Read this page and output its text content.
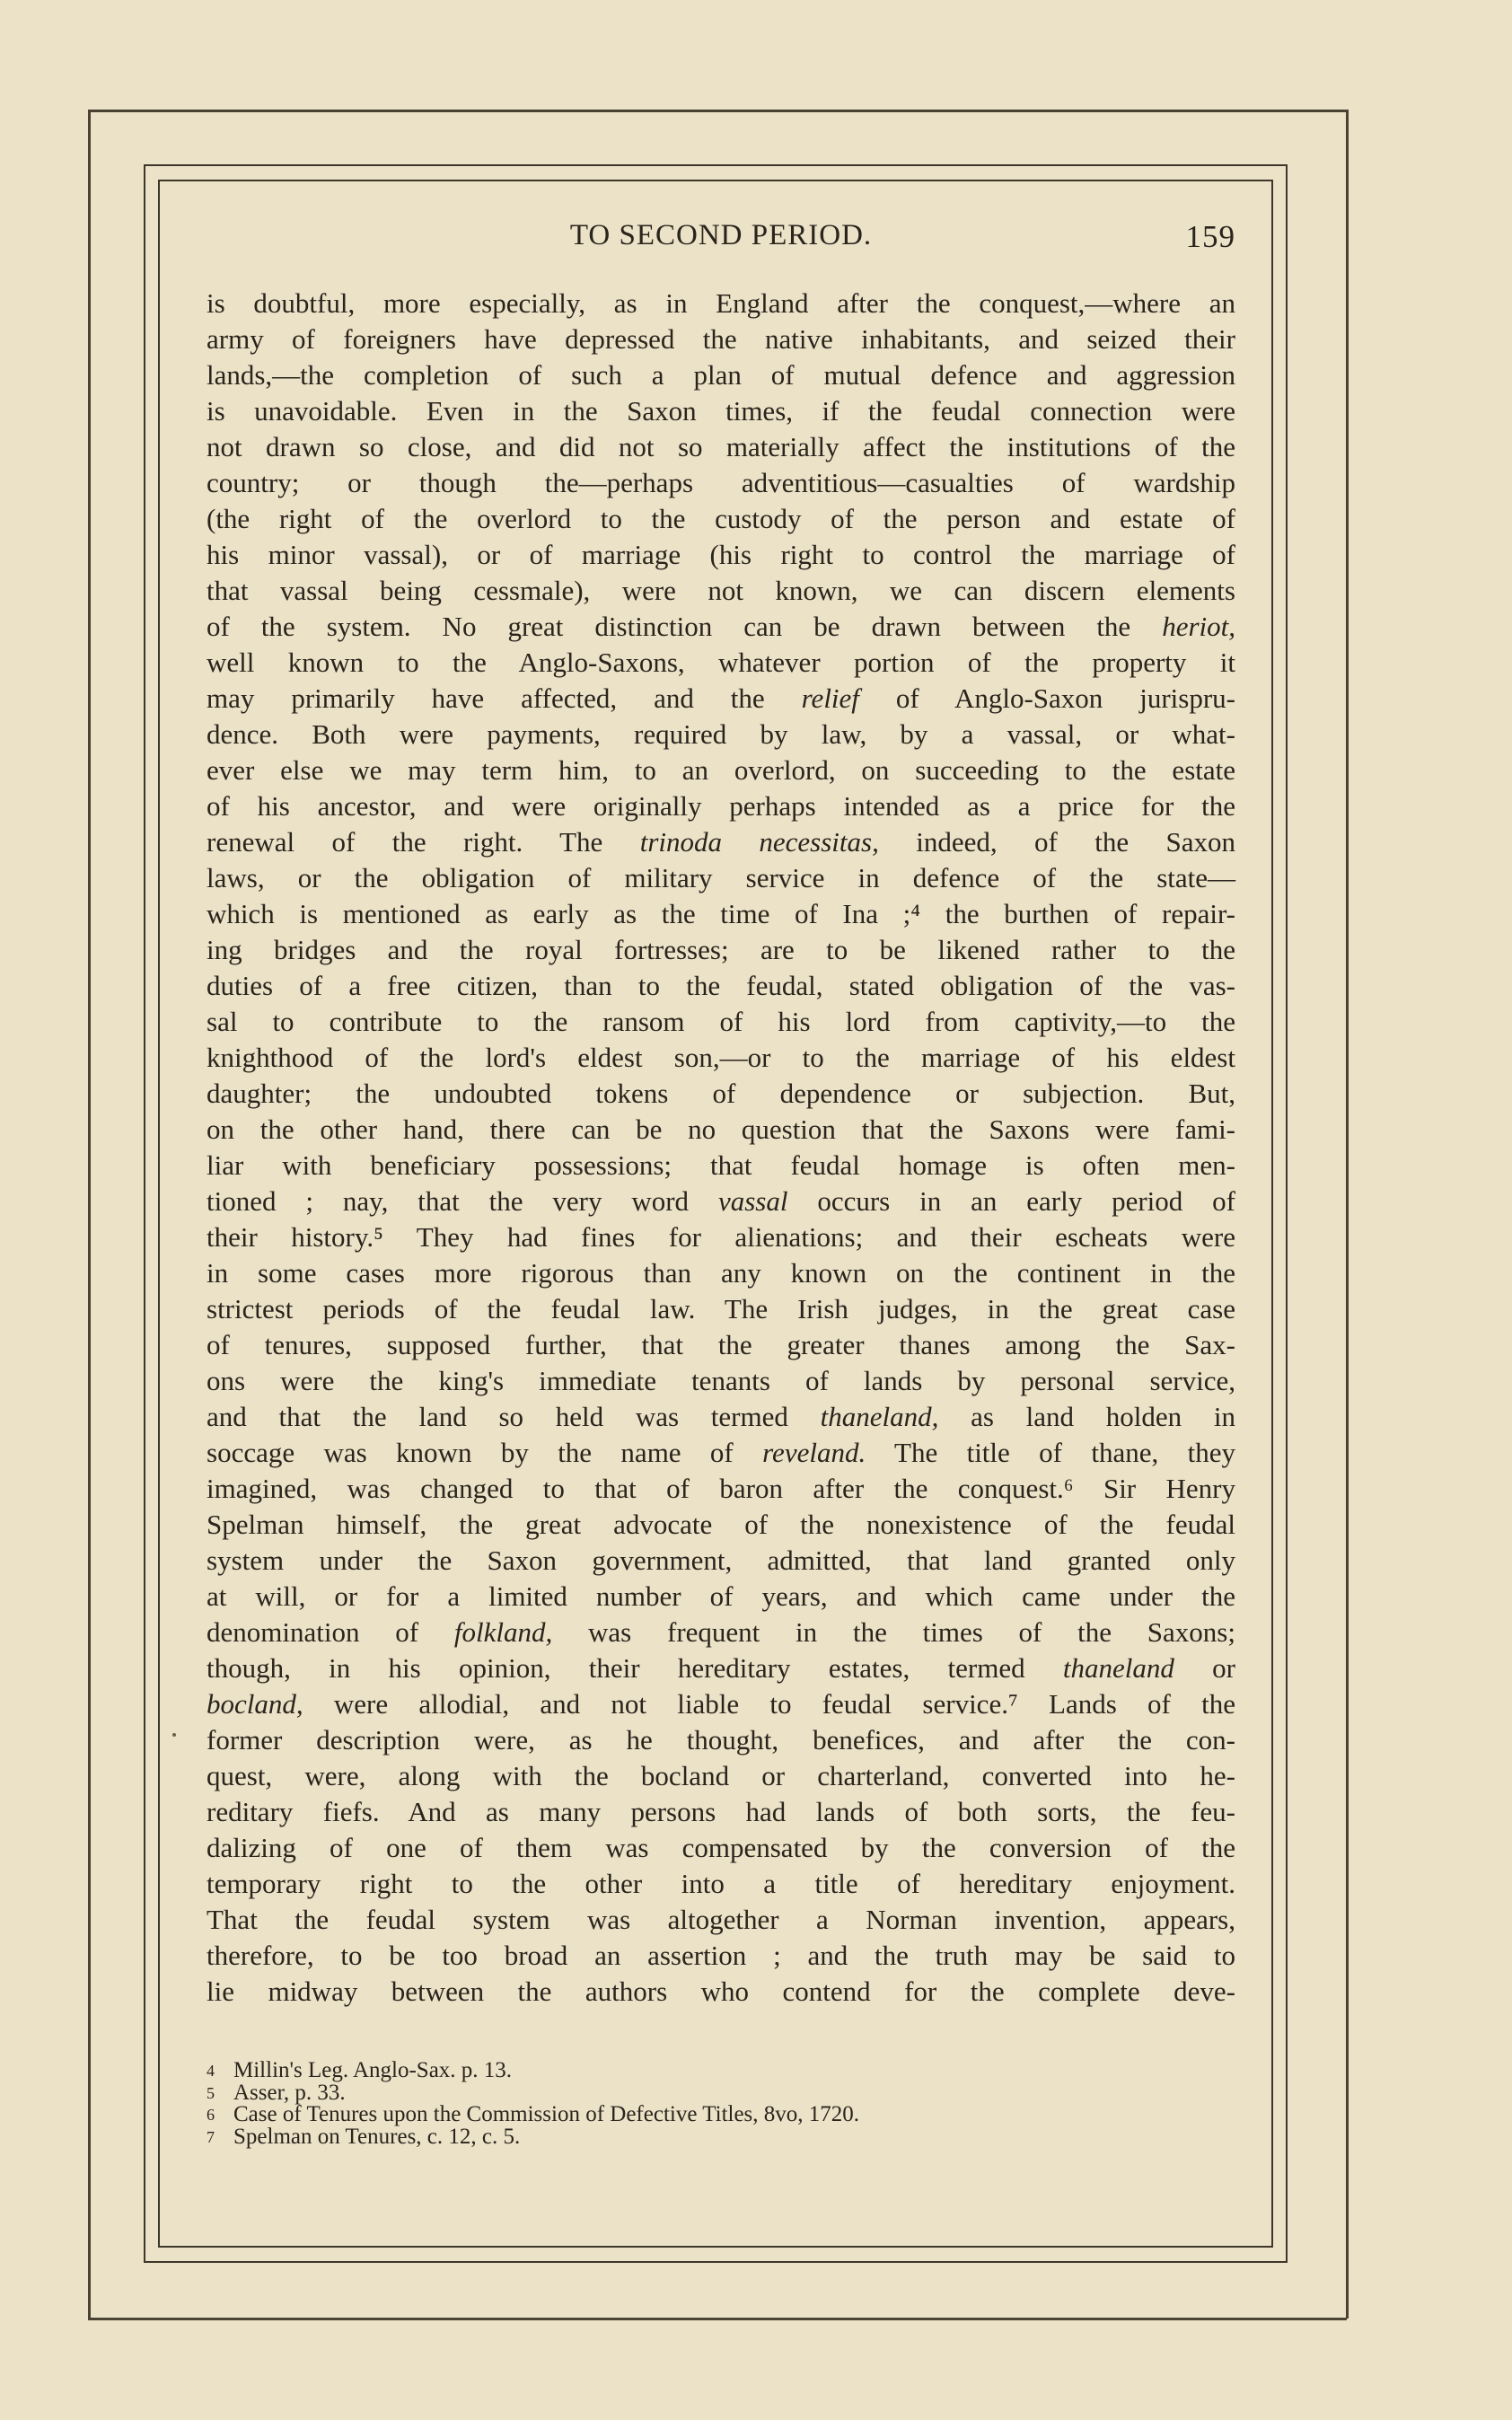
TO SECOND PERIOD.	159
is doubtful, more especially, as in England after the conquest,—where an
army of foreigners have depressed the native inhabitants, and seized their
lands,—the completion of such a plan of mutual defence and aggression
is unavoidable. Even in the Saxon times, if the feudal connection were
not drawn so close, and did not so materially affect the institutions of the
country; or though the—perhaps adventitious—casualties of wardship
(the right of the overlord to the custody of the person and estate of
his minor vassal), or of marriage (his right to control the marriage of
that vassal being cessmale), were not known, we can discern elements
of the system. No great distinction can be drawn between the heriot,
well known to the Anglo-Saxons, whatever portion of the property it
may primarily have affected, and the relief of Anglo-Saxon jurispru-
dence. Both were payments, required by law, by a vassal, or what-
ever else we may term him, to an overlord, on succeeding to the estate
of his ancestor, and were originally perhaps intended as a price for the
renewal of the right. The trinoda necessitas, indeed, of the Saxon
laws, or the obligation of military service in defence of the state—
which is mentioned as early as the time of Ina ;⁴ the burthen of repair-
ing bridges and the royal fortresses; are to be likened rather to the
duties of a free citizen, than to the feudal, stated obligation of the vas-
sal to contribute to the ransom of his lord from captivity,—to the
knighthood of the lord's eldest son,—or to the marriage of his eldest
daughter; the undoubted tokens of dependence or subjection. But,
on the other hand, there can be no question that the Saxons were fami-
liar with beneficiary possessions; that feudal homage is often men-
tioned ; nay, that the very word vassal occurs in an early period of
their history.⁵ They had fines for alienations; and their escheats were
in some cases more rigorous than any known on the continent in the
strictest periods of the feudal law. The Irish judges, in the great case
of tenures, supposed further, that the greater thanes among the Sax-
ons were the king's immediate tenants of lands by personal service,
and that the land so held was termed thaneland, as land holden in
soccage was known by the name of reveland. The title of thane, they
imagined, was changed to that of baron after the conquest.⁶ Sir Henry
Spelman himself, the great advocate of the nonexistence of the feudal
system under the Saxon government, admitted, that land granted only
at will, or for a limited number of years, and which came under the
denomination of folkland, was frequent in the times of the Saxons;
though, in his opinion, their hereditary estates, termed thaneland or
bocland, were allodial, and not liable to feudal service.⁷ Lands of the
former description were, as he thought, benefices, and after the con-
quest, were, along with the bocland or charterland, converted into he-
reditary fiefs. And as many persons had lands of both sorts, the feu-
dalizing of one of them was compensated by the conversion of the
temporary right to the other into a title of hereditary enjoyment.
That the feudal system was altogether a Norman invention, appears,
therefore, to be too broad an assertion ; and the truth may be said to
lie midway between the authors who contend for the complete deve-
4 Millin's Leg. Anglo-Sax. p. 13.
5 Asser, p. 33.
6 Case of Tenures upon the Commission of Defective Titles, 8vo, 1720.
7 Spelman on Tenures, c. 12, c. 5.
